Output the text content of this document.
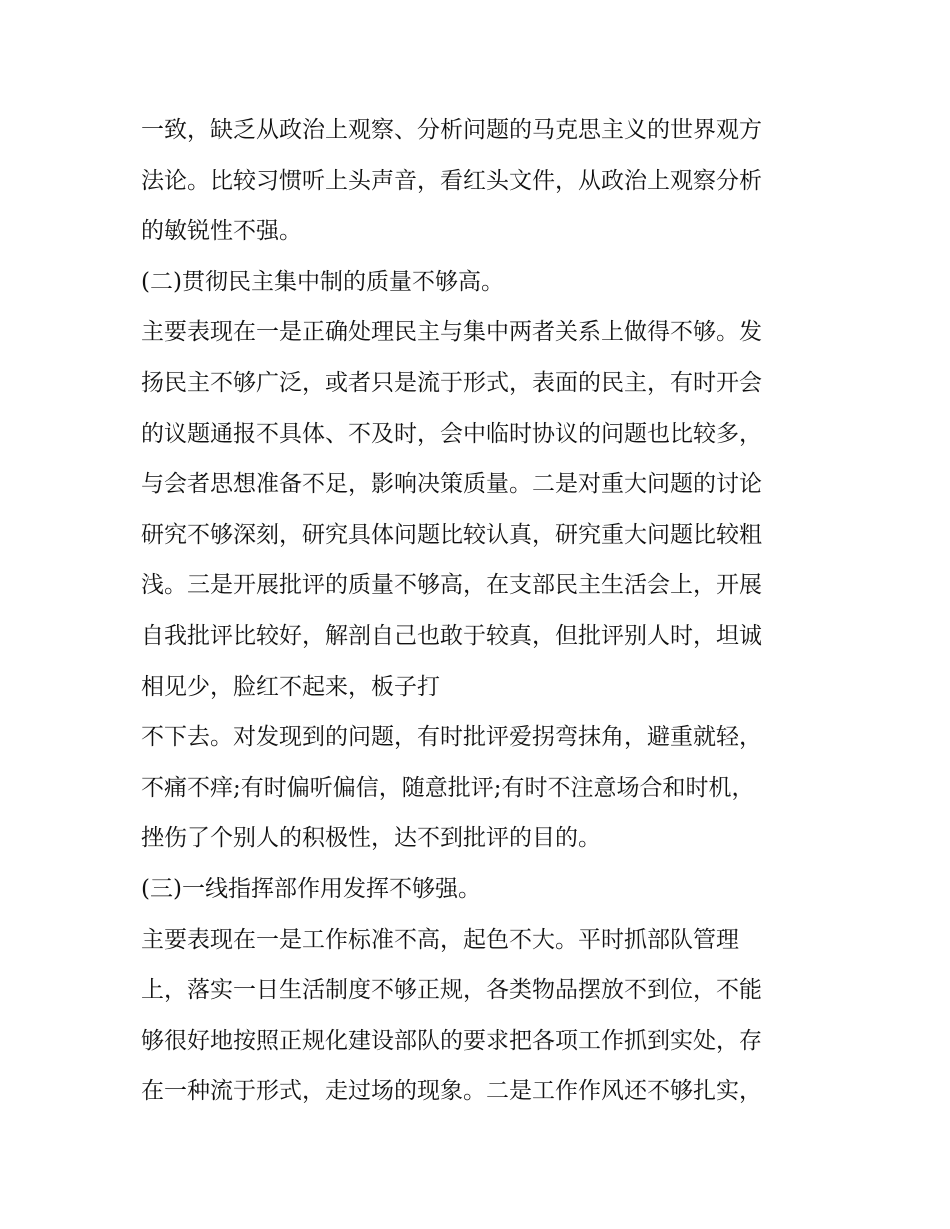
一致，缺乏从政治上观察、分析问题的马克思主义的世界观方
法论。比较习惯听上头声音，看红头文件，从政治上观察分析
的敏锐性不强。
(二)贯彻民主集中制的质量不够高。
主要表现在一是正确处理民主与集中两者关系上做得不够。发
扬民主不够广泛，或者只是流于形式，表面的民主，有时开会
的议题通报不具体、不及时，会中临时协议的问题也比较多，
与会者思想准备不足，影响决策质量。二是对重大问题的讨论
研究不够深刻，研究具体问题比较认真，研究重大问题比较粗
浅。三是开展批评的质量不够高，在支部民主生活会上，开展
自我批评比较好，解剖自己也敢于较真，但批评别人时，坦诚
相见少，脸红不起来，板子打
不下去。对发现到的问题，有时批评爱拐弯抹角，避重就轻，
不痛不痒;有时偏听偏信，随意批评;有时不注意场合和时机，
挫伤了个别人的积极性，达不到批评的目的。
(三)一线指挥部作用发挥不够强。
主要表现在一是工作标准不高，起色不大。平时抓部队管理
上，落实一日生活制度不够正规，各类物品摆放不到位，不能
够很好地按照正规化建设部队的要求把各项工作抓到实处，存
在一种流于形式，走过场的现象。二是工作作风还不够扎实，
